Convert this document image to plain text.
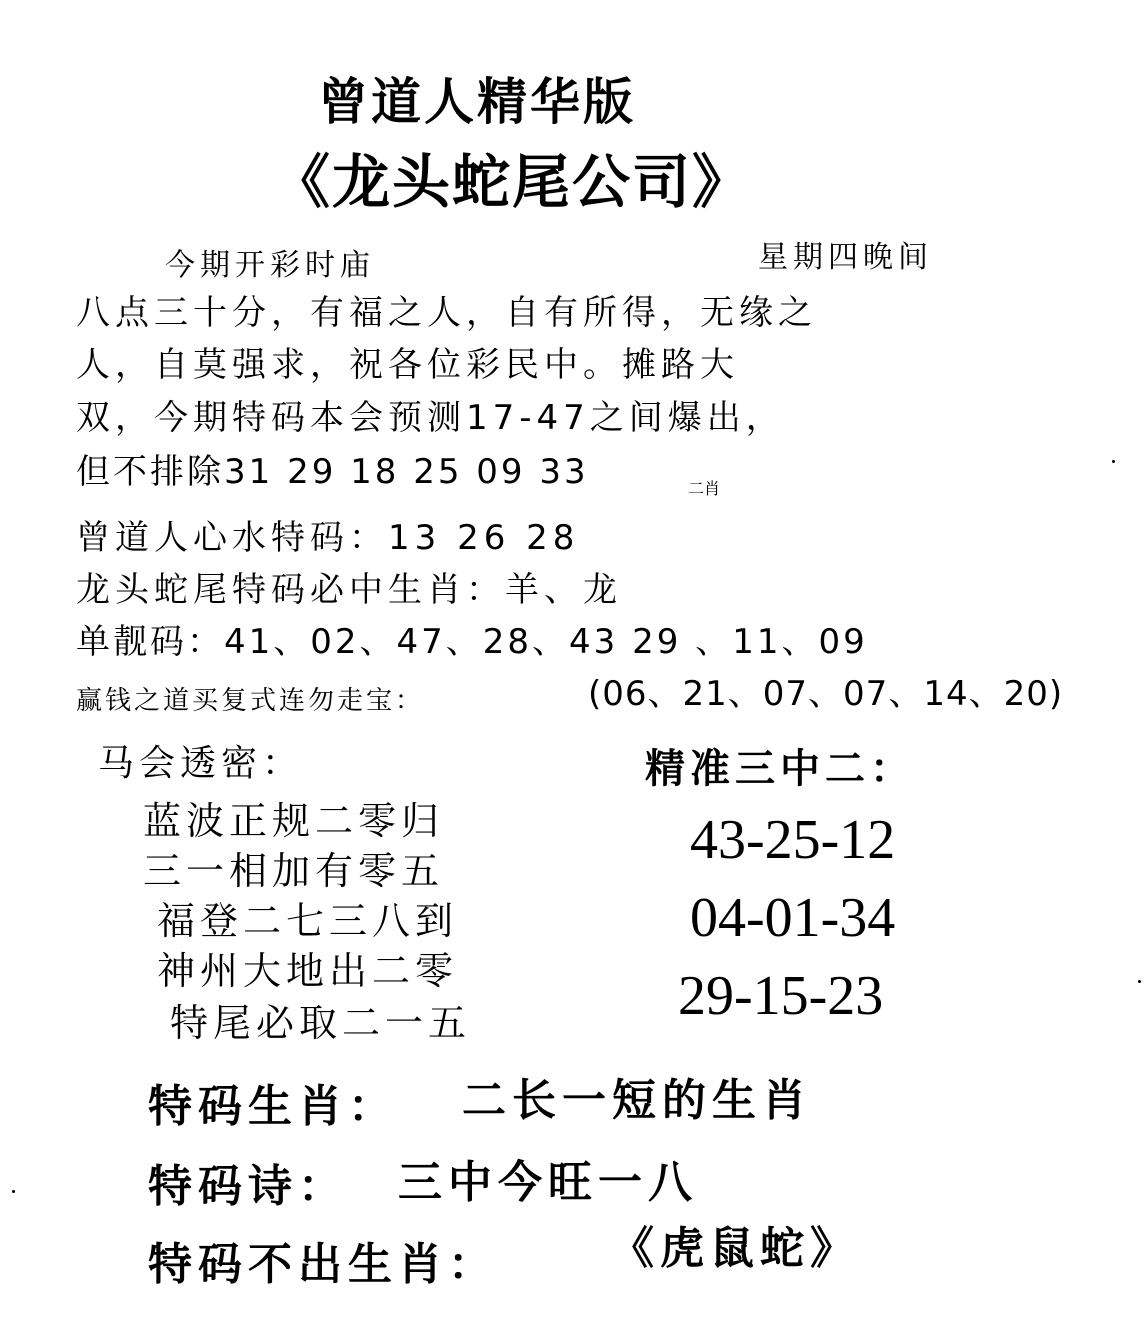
曾道人精华版
《龙头蛇尾公司》
今期开彩时庙	星期四晚间
八点三十分，有福之人，自有所得，无缘之
人，自莫强求，祝各位彩民中。摊路大
双，今期特码本会预测17-47之间爆出，
但不排除31 29 18 25 09 33	二肖
曾道人心水特码：13 26 28
龙头蛇尾特码必中生肖：羊、龙
单靓码：41、02、47、28、43 29 、11、09
赢钱之道买复式连勿走宝：	(06、21、07、07、14、20)
马会透密：	精准三中二：
蓝波正规二零归
三一相加有零五
福登二七三八到
神州大地出二零
特尾必取二一五
43-25-12
04-01-34
29-15-23
特码生肖： 二长一短的生肖
特码诗： 三中今旺一八
特码不出生肖：	《虎鼠蛇》
